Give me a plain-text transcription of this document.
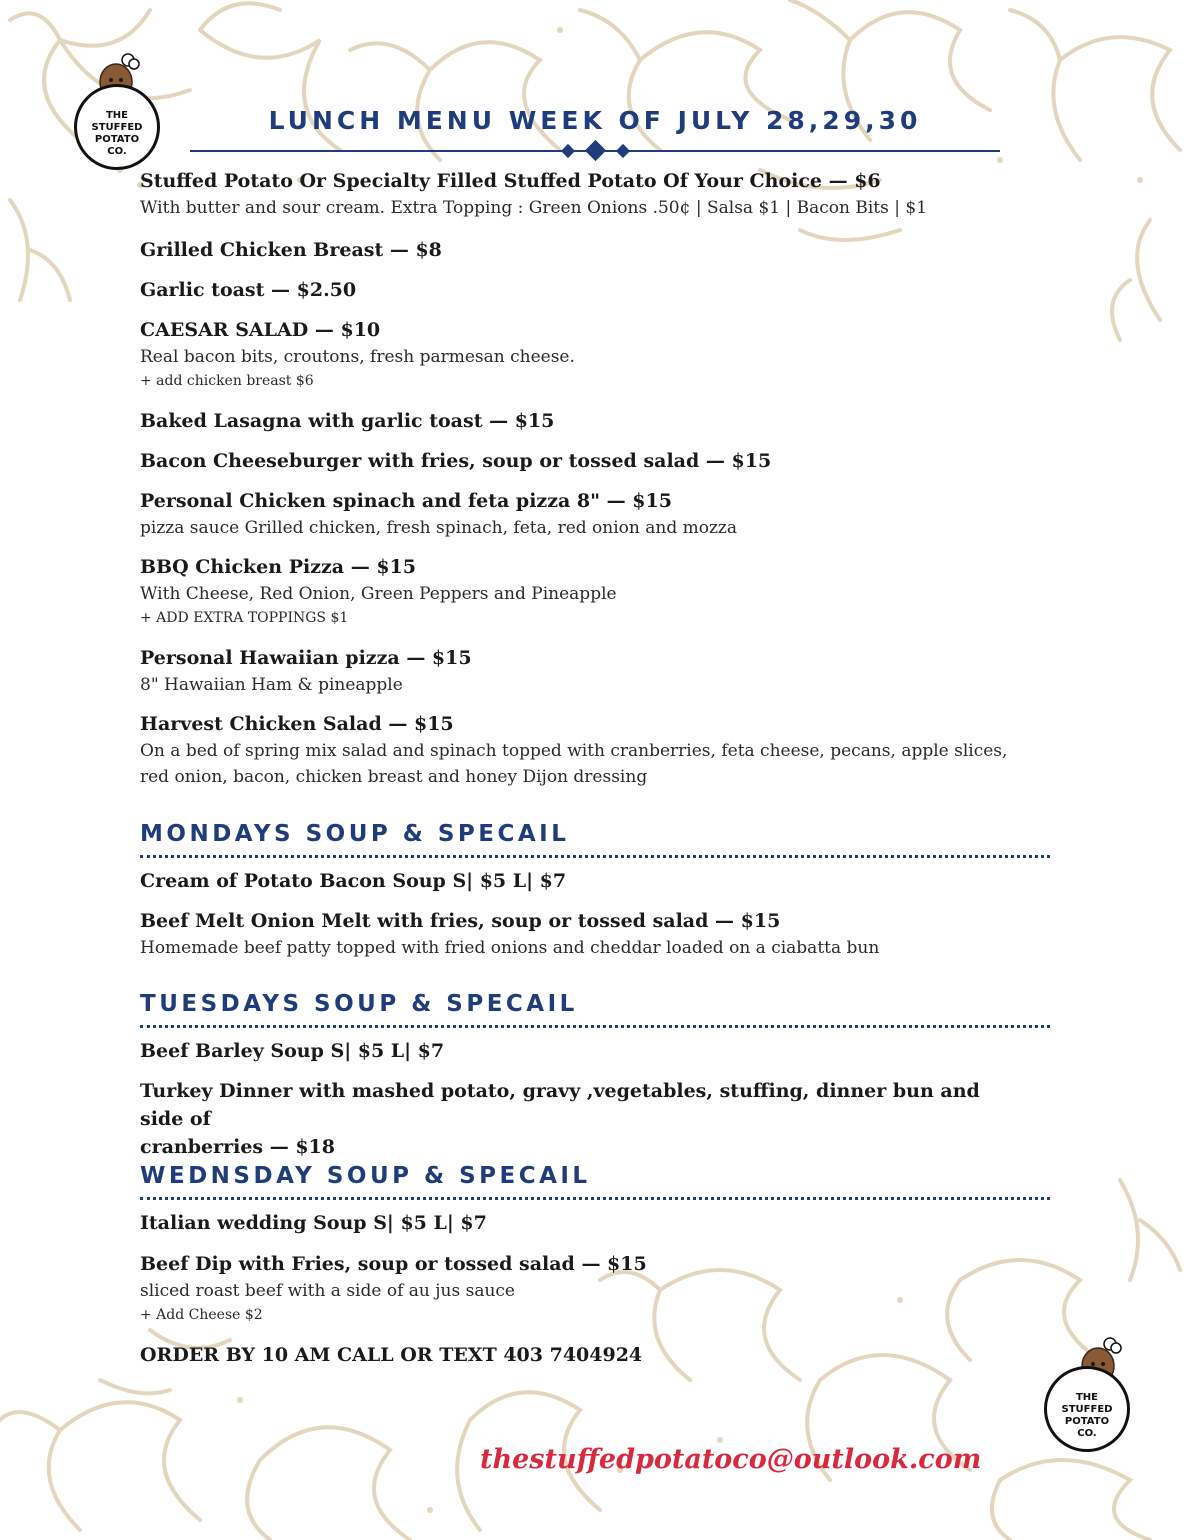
THE STUFFED POTATO CO.
LUNCH MENU WEEK OF JULY 28,29,30
Stuffed Potato Or Specialty Filled Stuffed Potato Of Your Choice — $6
With butter and sour cream. Extra Topping : Green Onions .50¢ | Salsa $1 | Bacon Bits | $1
Grilled Chicken Breast — $8
Garlic toast — $2.50
CAESAR SALAD — $10
Real bacon bits, croutons, fresh parmesan cheese.
+ add chicken breast $6
Baked Lasagna with garlic toast — $15
Bacon Cheeseburger with fries, soup or tossed salad — $15
Personal Chicken spinach and feta pizza 8" — $15
pizza sauce Grilled chicken, fresh spinach, feta, red onion and mozza
BBQ Chicken Pizza — $15
With Cheese, Red Onion, Green Peppers and Pineapple
+ ADD EXTRA TOPPINGS $1
Personal Hawaiian pizza — $15
8" Hawaiian Ham & pineapple
Harvest Chicken Salad — $15
On a bed of spring mix salad and spinach topped with cranberries, feta cheese, pecans, apple slices,
red onion, bacon, chicken breast and honey Dijon dressing
MONDAYS SOUP & SPECAIL
Cream of Potato Bacon Soup S| $5 L| $7
Beef Melt Onion Melt with fries, soup or tossed salad — $15
Homemade beef patty topped with fried onions and cheddar loaded on a ciabatta bun
TUESDAYS SOUP & SPECAIL
Beef Barley Soup S| $5 L| $7
Turkey Dinner with mashed potato, gravy ,vegetables, stuffing, dinner bun and side of
cranberries — $18
WEDNSDAY SOUP & SPECAIL
Italian wedding Soup S| $5 L| $7
Beef Dip with Fries, soup or tossed salad — $15
sliced roast beef with a side of au jus sauce
+ Add Cheese $2
ORDER BY 10 AM CALL OR TEXT 403 7404924
THE STUFFED POTATO CO.
thestuffedpotatoco@outlook.com
